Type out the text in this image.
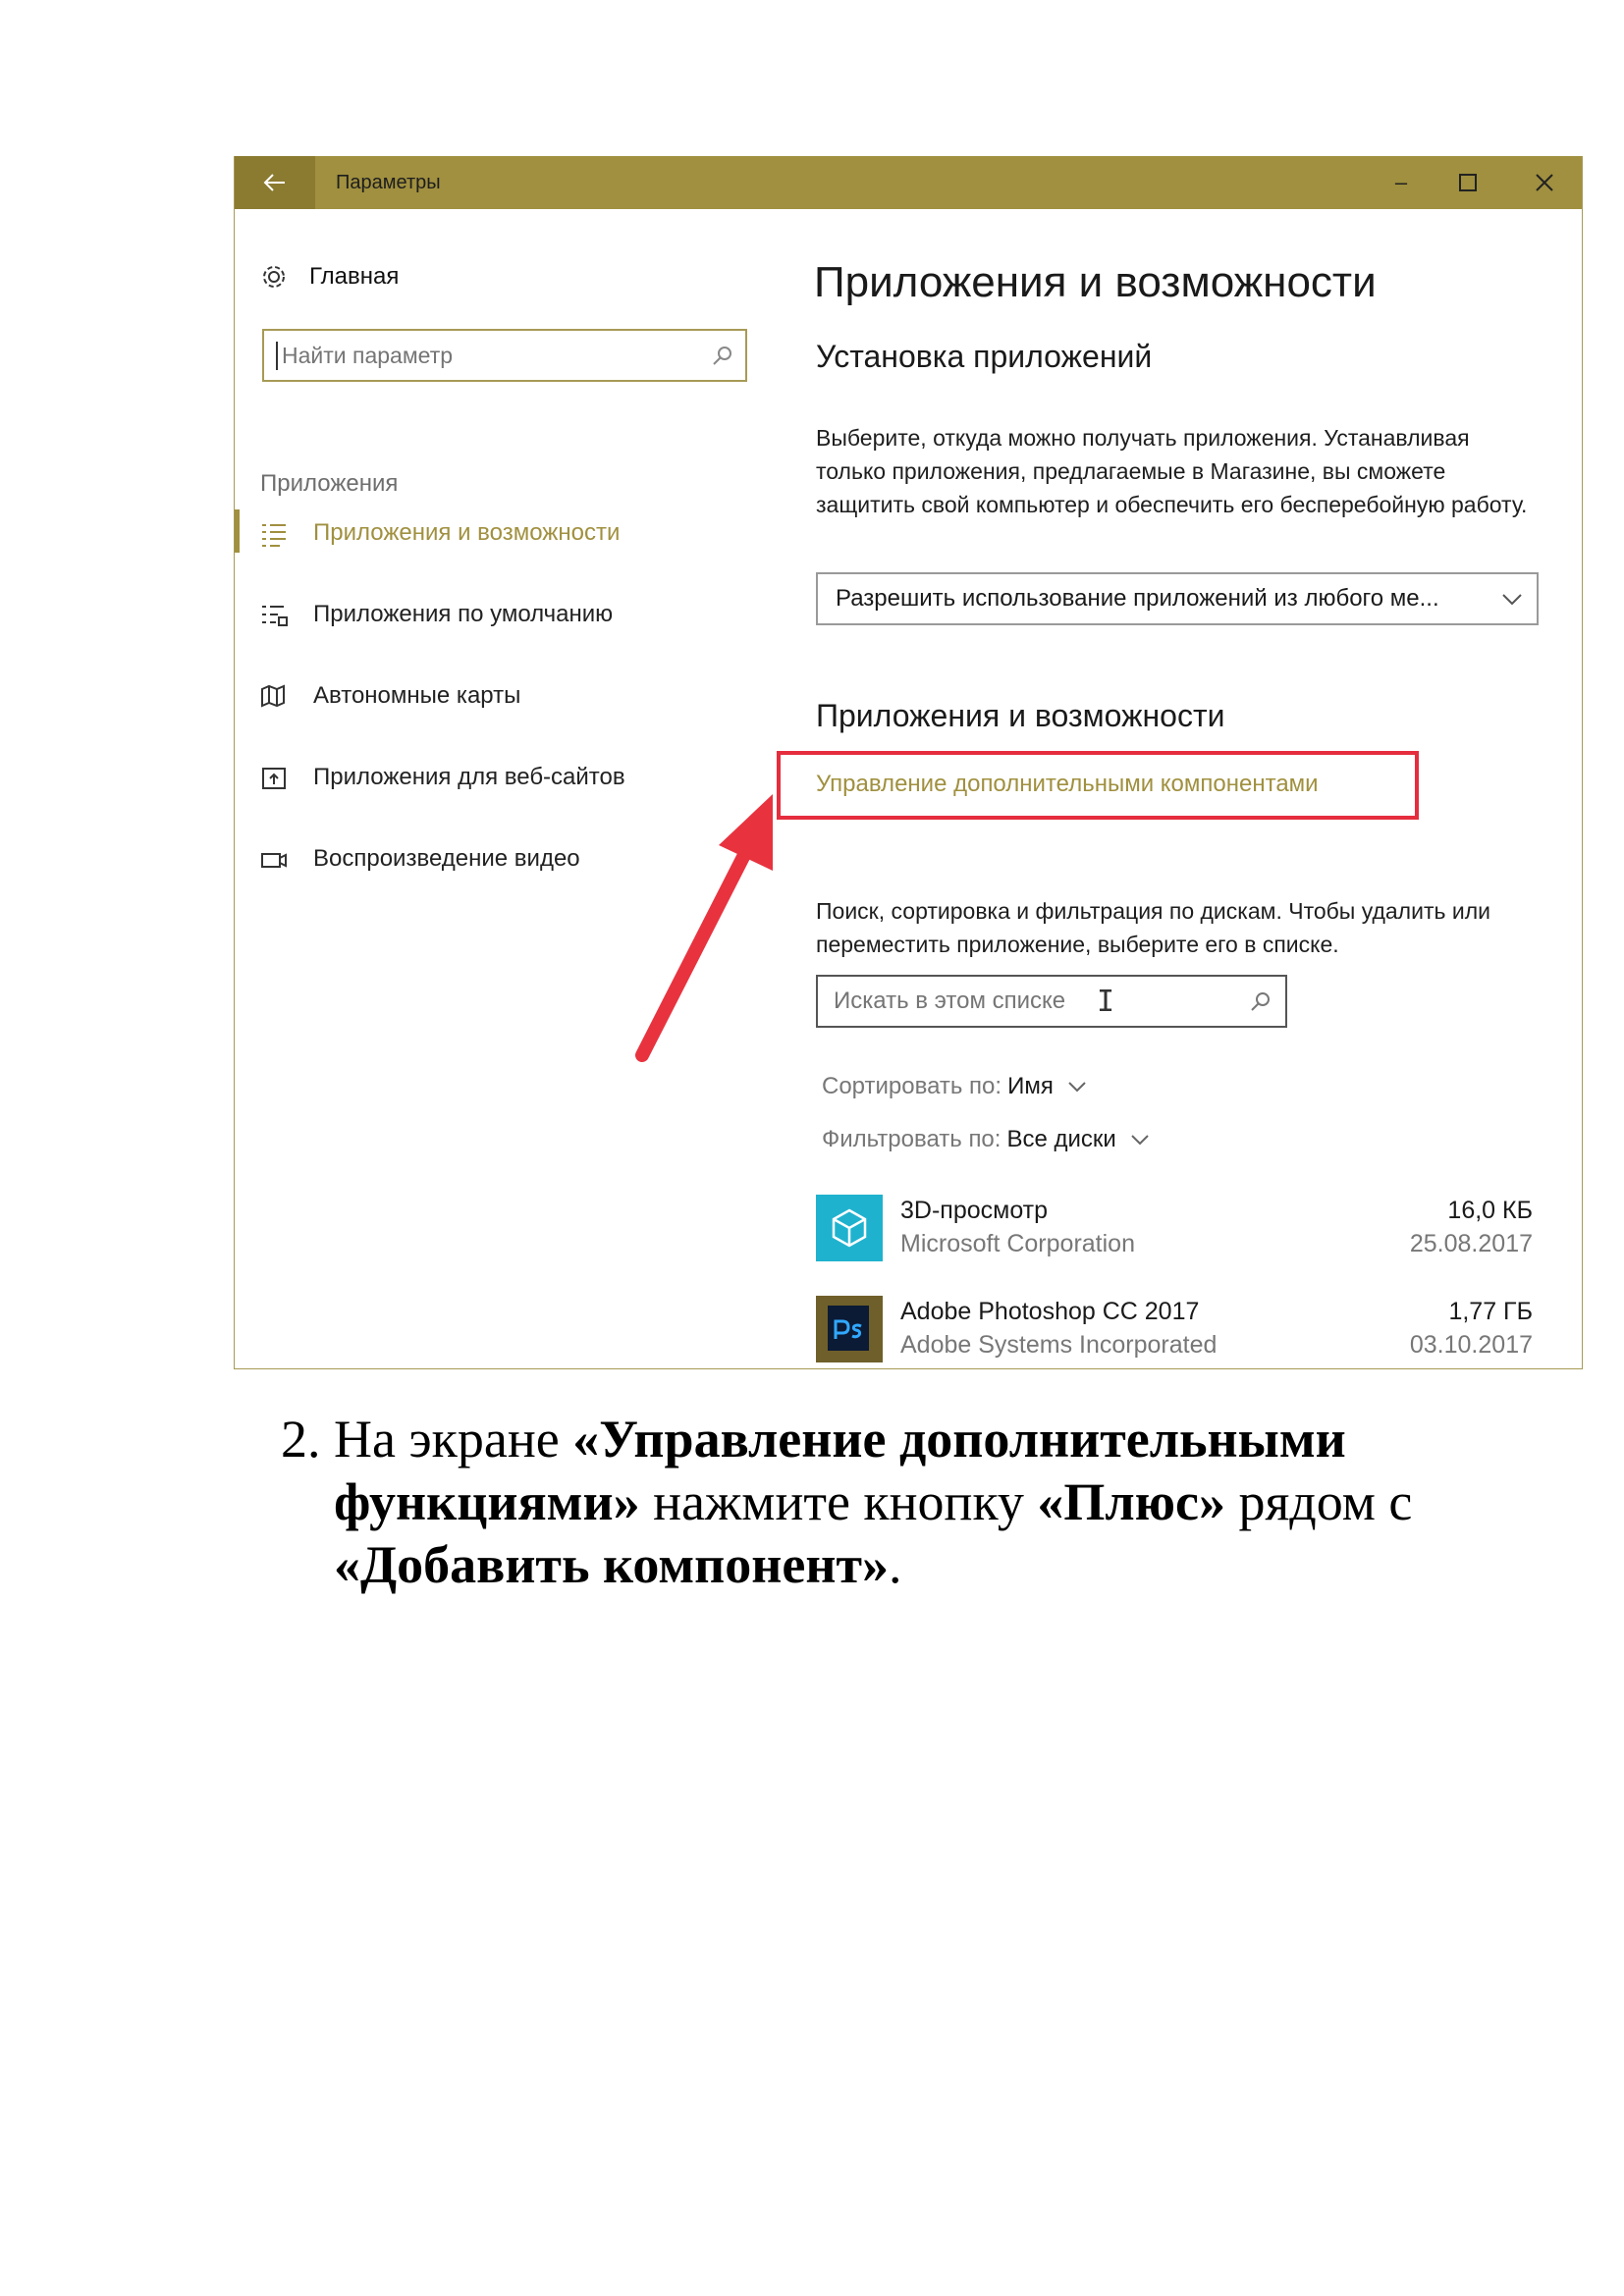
Параметры	–
Главная
Найти параметр
Приложения
Приложения и возможности
Приложения по умолчанию
Автономные карты
Приложения для веб-сайтов
Воспроизведение видео
Приложения и возможности
Установка приложений
Выберите, откуда можно получать приложения. Устанавливая только приложения, предлагаемые в Магазине, вы сможете защитить свой компьютер и обеспечить его бесперебойную работу.
Разрешить использование приложений из любого ме...
Приложения и возможности
Управление дополнительными компонентами
Поиск, сортировка и фильтрация по дискам. Чтобы удалить или переместить приложение, выберите его в списке.
Искать в этом списке
I
Сортировать по: Имя
Фильтровать по: Все диски
3D-просмотр
Microsoft Corporation
16,0 КБ
25.08.2017
Adobe Photoshop CC 2017
Adobe Systems Incorporated
1,77 ГБ
03.10.2017
2. На экране «Управление дополнительными функциями» нажмите кнопку «Плюс» рядом с «Добавить компонент».
